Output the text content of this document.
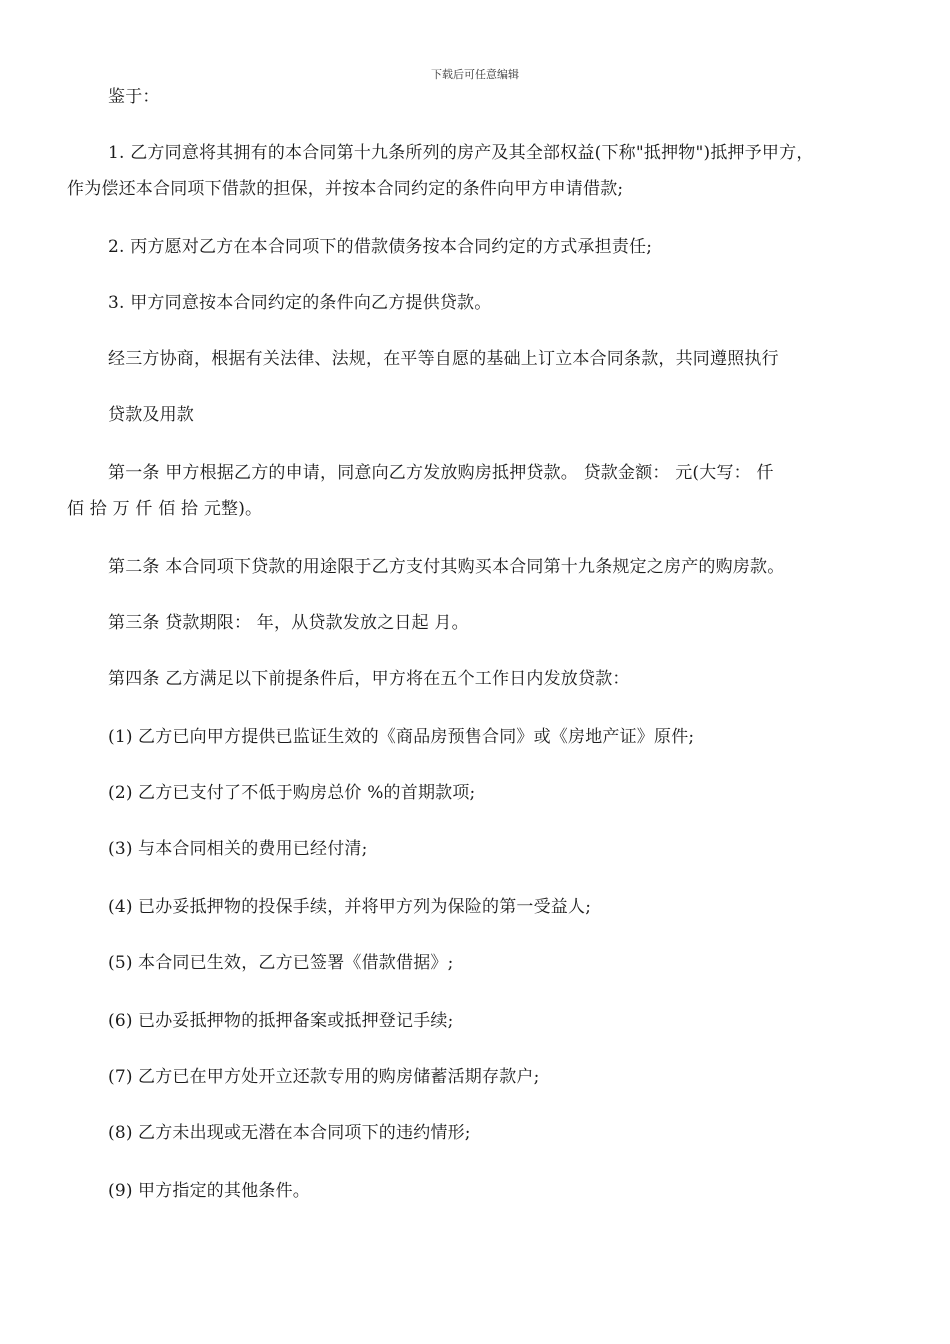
下载后可任意编辑
鉴于：
1. 乙方同意将其拥有的本合同第十九条所列的房产及其全部权益(下称"抵押物")抵押予甲方，
作为偿还本合同项下借款的担保，并按本合同约定的条件向甲方申请借款;
2. 丙方愿对乙方在本合同项下的借款债务按本合同约定的方式承担责任;
3. 甲方同意按本合同约定的条件向乙方提供贷款。
经三方协商，根据有关法律、法规，在平等自愿的基础上订立本合同条款，共同遵照执行
贷款及用款
第一条 甲方根据乙方的申请，同意向乙方发放购房抵押贷款。 贷款金额： 元(大写： 仟
佰 拾 万 仟 佰 拾 元整)。
第二条 本合同项下贷款的用途限于乙方支付其购买本合同第十九条规定之房产的购房款。
第三条 贷款期限： 年，从贷款发放之日起 月。
第四条 乙方满足以下前提条件后，甲方将在五个工作日内发放贷款：
(1) 乙方已向甲方提供已监证生效的《商品房预售合同》或《房地产证》原件;
(2) 乙方已支付了不低于购房总价 %的首期款项;
(3) 与本合同相关的费用已经付清;
(4) 已办妥抵押物的投保手续，并将甲方列为保险的第一受益人;
(5) 本合同已生效，乙方已签署《借款借据》;
(6) 已办妥抵押物的抵押备案或抵押登记手续;
(7) 乙方已在甲方处开立还款专用的购房储蓄活期存款户;
(8) 乙方未出现或无潜在本合同项下的违约情形;
(9) 甲方指定的其他条件。
